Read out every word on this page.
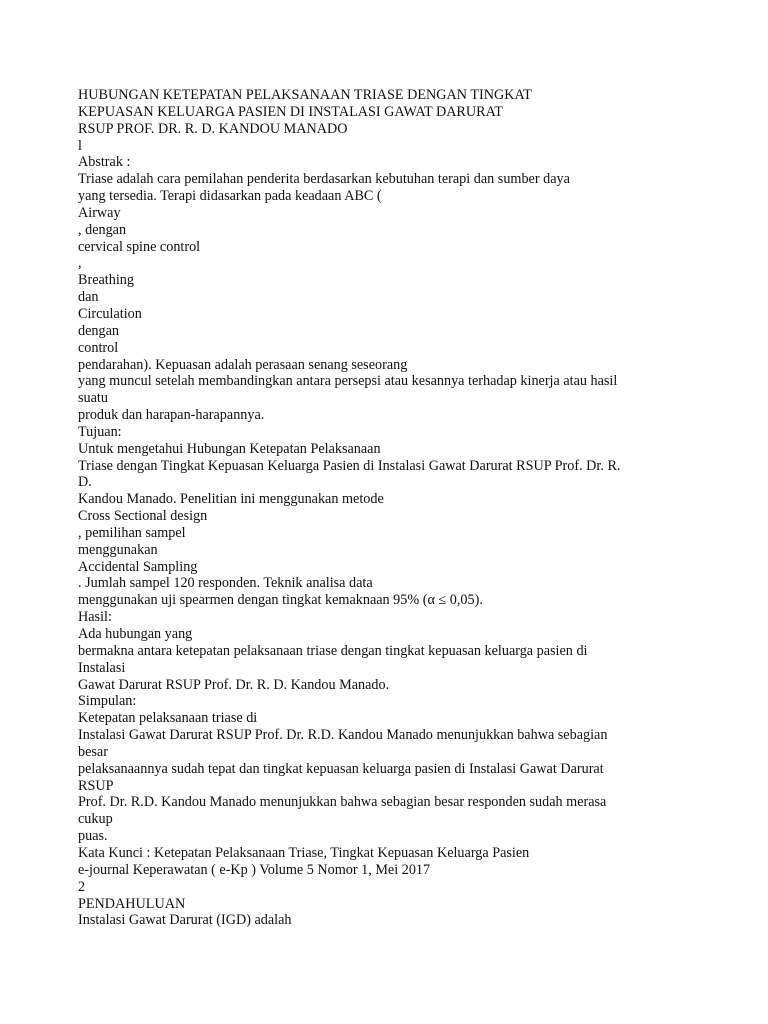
HUBUNGAN KETEPATAN PELAKSANAAN TRIASE DENGAN TINGKAT
KEPUASAN KELUARGA PASIEN DI INSTALASI GAWAT DARURAT
RSUP PROF. DR. R. D. KANDOU MANADO
l
Abstrak :
Triase adalah cara pemilahan penderita berdasarkan kebutuhan terapi dan sumber daya
yang tersedia. Terapi didasarkan pada keadaan ABC (
Airway
, dengan
cervical spine control
,
Breathing
dan
Circulation
dengan
control
pendarahan). Kepuasan adalah perasaan senang seseorang
yang muncul setelah membandingkan antara persepsi atau kesannya terhadap kinerja atau hasil
suatu
produk dan harapan-harapannya.
Tujuan:
Untuk mengetahui Hubungan Ketepatan Pelaksanaan
Triase dengan Tingkat Kepuasan Keluarga Pasien di Instalasi Gawat Darurat RSUP Prof. Dr. R.
D.
Kandou Manado. Penelitian ini menggunakan metode
Cross Sectional design
, pemilihan sampel
menggunakan
Accidental Sampling
. Jumlah sampel 120 responden. Teknik analisa data
menggunakan uji spearmen dengan tingkat kemaknaan 95% (α ≤ 0,05).
Hasil:
Ada hubungan yang
bermakna antara ketepatan pelaksanaan triase dengan tingkat kepuasan keluarga pasien di
Instalasi
Gawat Darurat RSUP Prof. Dr. R. D. Kandou Manado.
Simpulan:
Ketepatan pelaksanaan triase di
Instalasi Gawat Darurat RSUP Prof. Dr. R.D. Kandou Manado menunjukkan bahwa sebagian
besar
pelaksanaannya sudah tepat dan tingkat kepuasan keluarga pasien di Instalasi Gawat Darurat
RSUP
Prof. Dr. R.D. Kandou Manado menunjukkan bahwa sebagian besar responden sudah merasa
cukup
puas.
Kata Kunci : Ketepatan Pelaksanaan Triase, Tingkat Kepuasan Keluarga Pasien
e-journal Keperawatan ( e-Kp ) Volume 5 Nomor 1, Mei 2017
2
PENDAHULUAN
Instalasi Gawat Darurat (IGD) adalah
